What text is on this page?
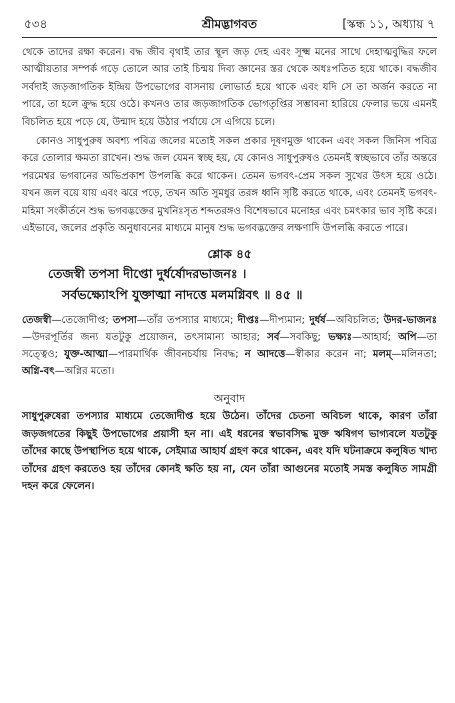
৫৩৪	শ্রীমদ্ভাগবত	[স্কন্ধ ১১, অধ্যায় ৭

থেকে তাদের রক্ষা করেন। বদ্ধ জীব বৃথাই তার স্থূল জড় দেহ এবং সূক্ষ্ম মনের সাথে দেহাত্মবুদ্ধির ফলে আত্মীয়তার সম্পর্ক গড়ে তোলে আর তাই চিন্ময় দিব্য জ্ঞানের স্তর থেকে অধঃপতিত হয়ে থাকে। বদ্ধজীব সর্বদাই জড়জাগতিক ইন্দ্রিয় উপভোগের বাসনায় লোভার্ত হয়ে থাকে এবং যদি সে তা অর্জন করতে না পারে, তা হলে ক্রুদ্ধ হয়ে ওঠে। কখনও তার জড়জাগতিক ভোগতৃপ্তির সম্ভাবনা হারিয়ে ফেলার ভয়ে এমনই বিচলিত হয়ে পড়ে যে, উন্মাদ হয়ে উঠার পর্যায়ে সে এগিয়ে চলে।

কোনও সাধুপুরুষ অবশ্য পবিত্র জলের মতোই সকল প্রকার দূষণমুক্ত থাকেন এবং সকল জিনিস পবিত্র করে তোলার ক্ষমতা রাখেন। শুদ্ধ জল যেমন স্বচ্ছ হয়, যে কোনও সাধুপুরুষও তেমনই স্বচ্ছভাবে তাঁর অন্তরে পরমেশ্বর ভগবানের অভিপ্রকাশ উপলব্ধি করে থাকেন। তেমন ভগবৎ-প্রেম সকল সুখের উৎস হয়ে ওঠে। যখন জল বয়ে যায় এবং ঝরে পড়ে, তখন অতি সুমধুর তরঙ্গ ধ্বনি সৃষ্টি করতে থাকে, এবং তেমনই ভগবৎ-মহিমা সংকীর্তনে শুদ্ধ ভগবদ্ভক্তের মুখনিঃসৃত শব্দতরঙ্গও বিশেষভাবে মনোহর এবং চমৎকার ভাব সৃষ্টি করে। এইভাবে, জলের প্রকৃতি অনুধাবনের মাধ্যমে মানুষ শুদ্ধ ভগবদ্ভক্তের লক্ষণাদি উপলব্ধি করতে পারে।

শ্লোক ৪৫
তেজস্বী তপসা দীপ্তো দুর্ধর্ষোদরভাজনঃ ।
সর্বভক্ষ্যোঽপি যুক্তাত্মা নাদত্তে মলমগ্নিবৎ ॥ ৪৫ ॥
তেজস্বী—তেজোদীপ্ত; তপসা—তাঁর তপস্যার মাধ্যমে; দীপ্তঃ—দীপ্যমান; দুর্ধর্ষ—অবিচলিত; উদর-ভাজনঃ—উদরপূর্তির জন্য যতটুকু প্রয়োজন, তৎসামান্য আহার; সর্ব—সবকিছু; ভক্ষ্যঃ—আহার্য; অপি—তা সত্ত্বেও; যুক্ত-আত্মা—পারমার্থিক জীবনচর্যায় নিবদ্ধ; ন আদত্তে—স্বীকার করেন না; মলম্—মলিনতা; অগ্নি-বৎ—অগ্নির মতো।
অনুবাদ
সাধুপুরুষেরা তপস্যার মাধ্যমে তেজোদীপ্ত হয়ে উঠেন। তাঁদের চেতনা অবিচল থাকে, কারণ তাঁরা জড়জগতের কিছুই উপভোগের প্রয়াসী হন না। এই ধরনের স্বভাবসিদ্ধ মুক্ত ঋষিগণ ভাগ্যবলে যতটুকু তাঁদের কাছে উপস্থাপিত হয়ে থাকে, সেইমাত্র আহার্য গ্রহণ করে থাকেন, এবং যদি ঘটনাক্রমে কলুষিত খাদ্য তাঁদের গ্রহণ করতেও হয় তাঁদের কোনই ক্ষতি হয় না, যেন তাঁরা আগুনের মতোই সমস্ত কলুষিত সামগ্রী দহন করে ফেলেন।
